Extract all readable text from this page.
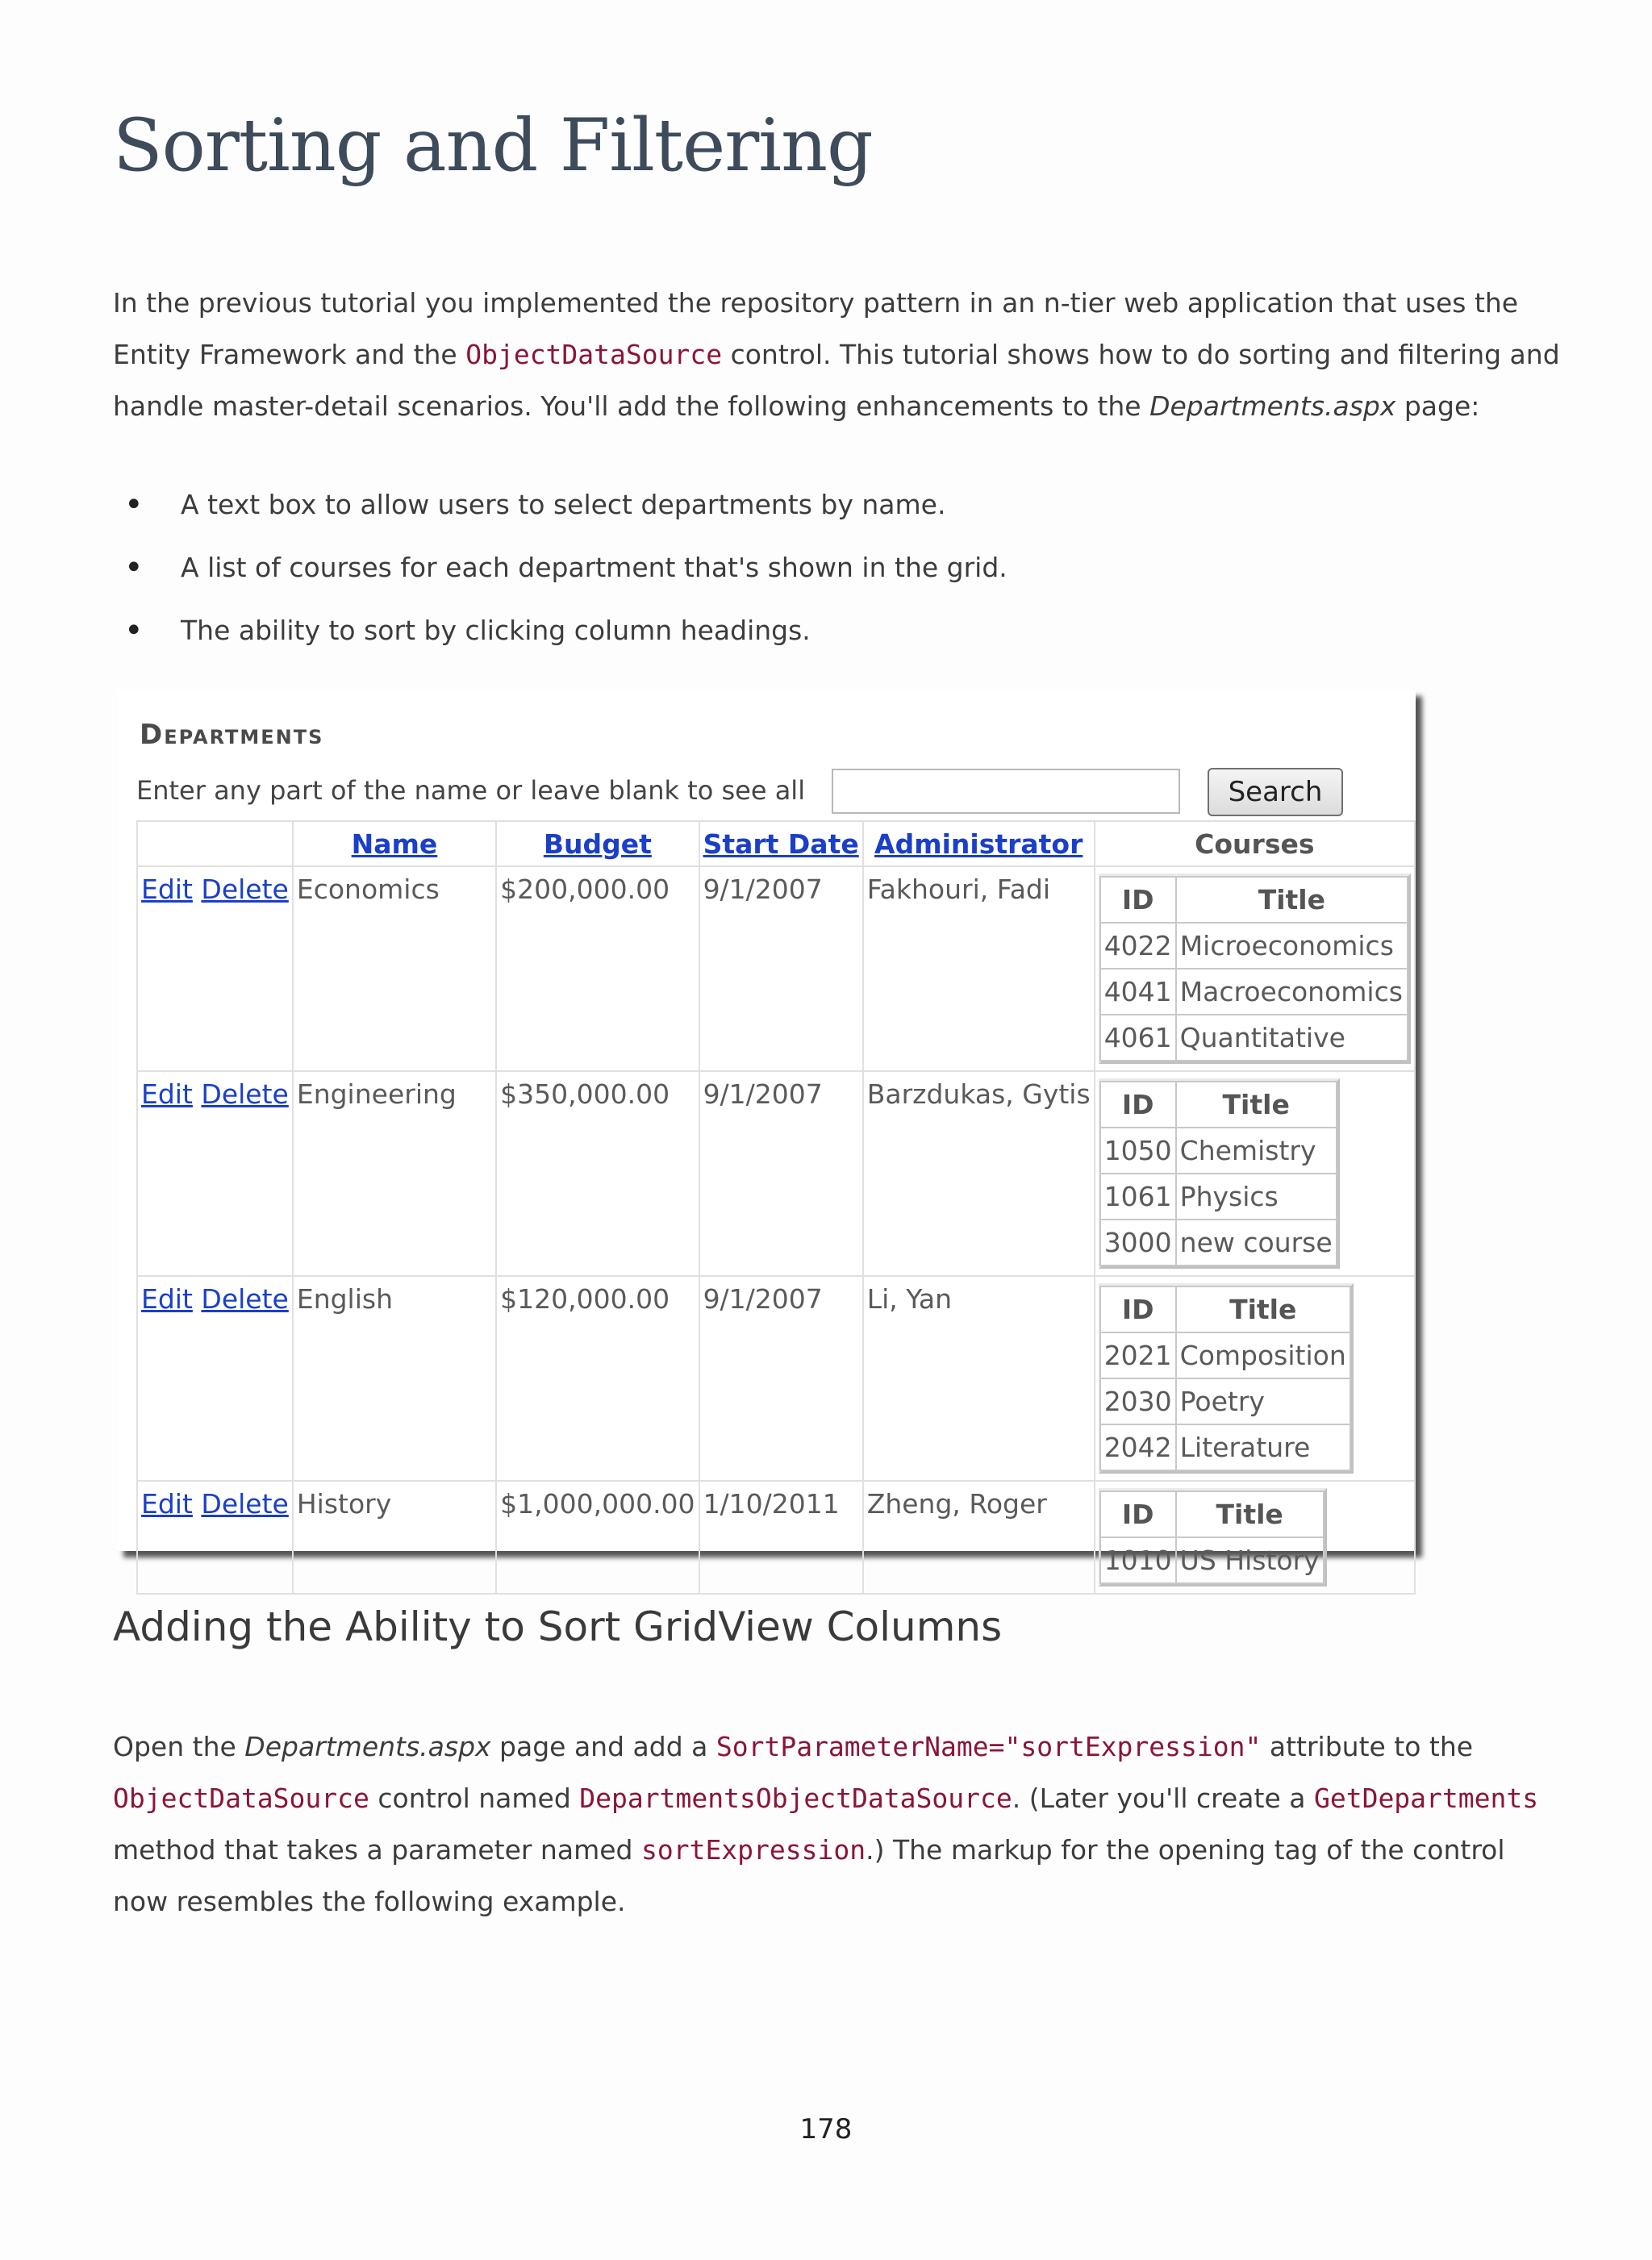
Sorting and Filtering

In the previous tutorial you implemented the repository pattern in an n-tier web application that uses the Entity Framework and the ObjectDataSource control. This tutorial shows how to do sorting and filtering and handle master-detail scenarios. You'll add the following enhancements to the Departments.aspx page:

• A text box to allow users to select departments by name.
• A list of courses for each department that's shown in the grid.
• The ability to sort by clicking column headings.
Departments
Enter any part of the name or leave blank to see all	Search
	Name	Budget	Start Date	Administrator	Courses
Edit Delete	Economics	$200,000.00	9/1/2007	Fakhouri, Fadi		ID	Title
4022	Microeconomics
4041	Macroeconomics
4061	Quantitative

Edit Delete	Engineering	$350,000.00	9/1/2007	Barzdukas, Gytis	ID	Title
1050	Chemistry
1061	Physics
3000	new course

Edit Delete	English	$120,000.00	9/1/2007	Li, Yan		ID	Title
2021	Composition
2030	Poetry
2042	Literature

Edit Delete	History	$1,000,000.00	1/10/2011	Zheng, Roger		ID	Title
1010	US History
Adding the Ability to Sort GridView Columns

Open the Departments.aspx page and add a SortParameterName="sortExpression" attribute to the ObjectDataSource control named DepartmentsObjectDataSource. (Later you'll create a GetDepartments method that takes a parameter named sortExpression.) The markup for the opening tag of the control now resembles the following example.

178
